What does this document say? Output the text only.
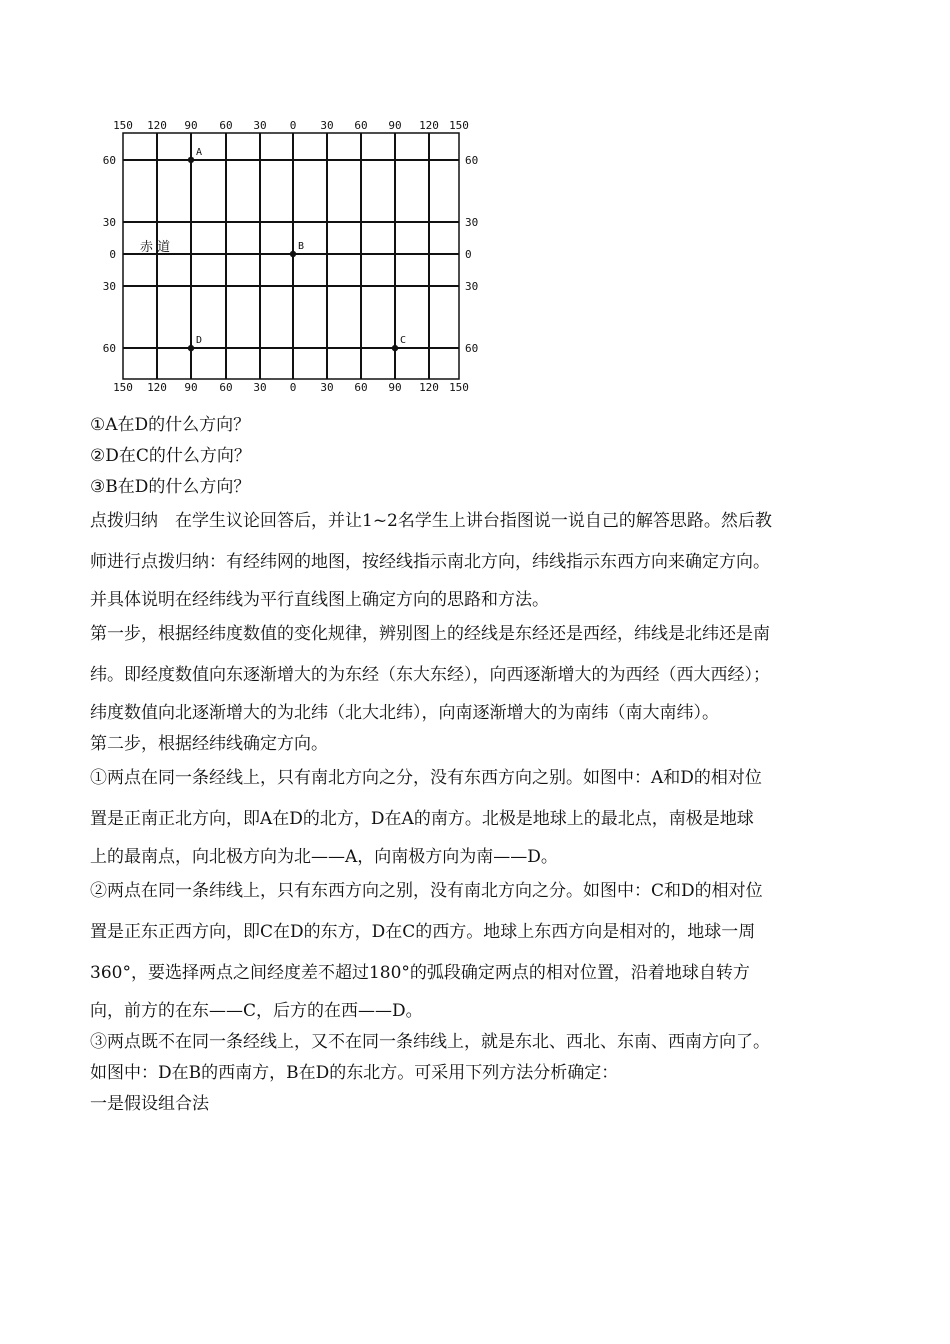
150 120 90 60 30 0 30 60 90 120 150
150 120 90 60 30 0 30 60 90 120 150
60
30
0
30
60
60
30
0
30
60
赤 道
A
B
C
D
①A在D的什么方向？
②D在C的什么方向？
③B在D的什么方向？
点拨归纳　在学生议论回答后，并让1~2名学生上讲台指图说一说自己的解答思路。然后教
师进行点拨归纳：有经纬网的地图，按经线指示南北方向，纬线指示东西方向来确定方向。
并具体说明在经纬线为平行直线图上确定方向的思路和方法。
第一步，根据经纬度数值的变化规律，辨别图上的经线是东经还是西经，纬线是北纬还是南
纬。即经度数值向东逐渐增大的为东经（东大东经），向西逐渐增大的为西经（西大西经）；
纬度数值向北逐渐增大的为北纬（北大北纬），向南逐渐增大的为南纬（南大南纬）。
第二步，根据经纬线确定方向。
①两点在同一条经线上，只有南北方向之分，没有东西方向之别。如图中：A和D的相对位
置是正南正北方向，即A在D的北方，D在A的南方。北极是地球上的最北点，南极是地球
上的最南点，向北极方向为北——A，向南极方向为南——D。
②两点在同一条纬线上，只有东西方向之别，没有南北方向之分。如图中：C和D的相对位
置是正东正西方向，即C在D的东方，D在C的西方。地球上东西方向是相对的，地球一周
360°，要选择两点之间经度差不超过180°的弧段确定两点的相对位置，沿着地球自转方
向，前方的在东——C，后方的在西——D。
③两点既不在同一条经线上，又不在同一条纬线上，就是东北、西北、东南、西南方向了。
如图中：D在B的西南方，B在D的东北方。可采用下列方法分析确定：
一是假设组合法
